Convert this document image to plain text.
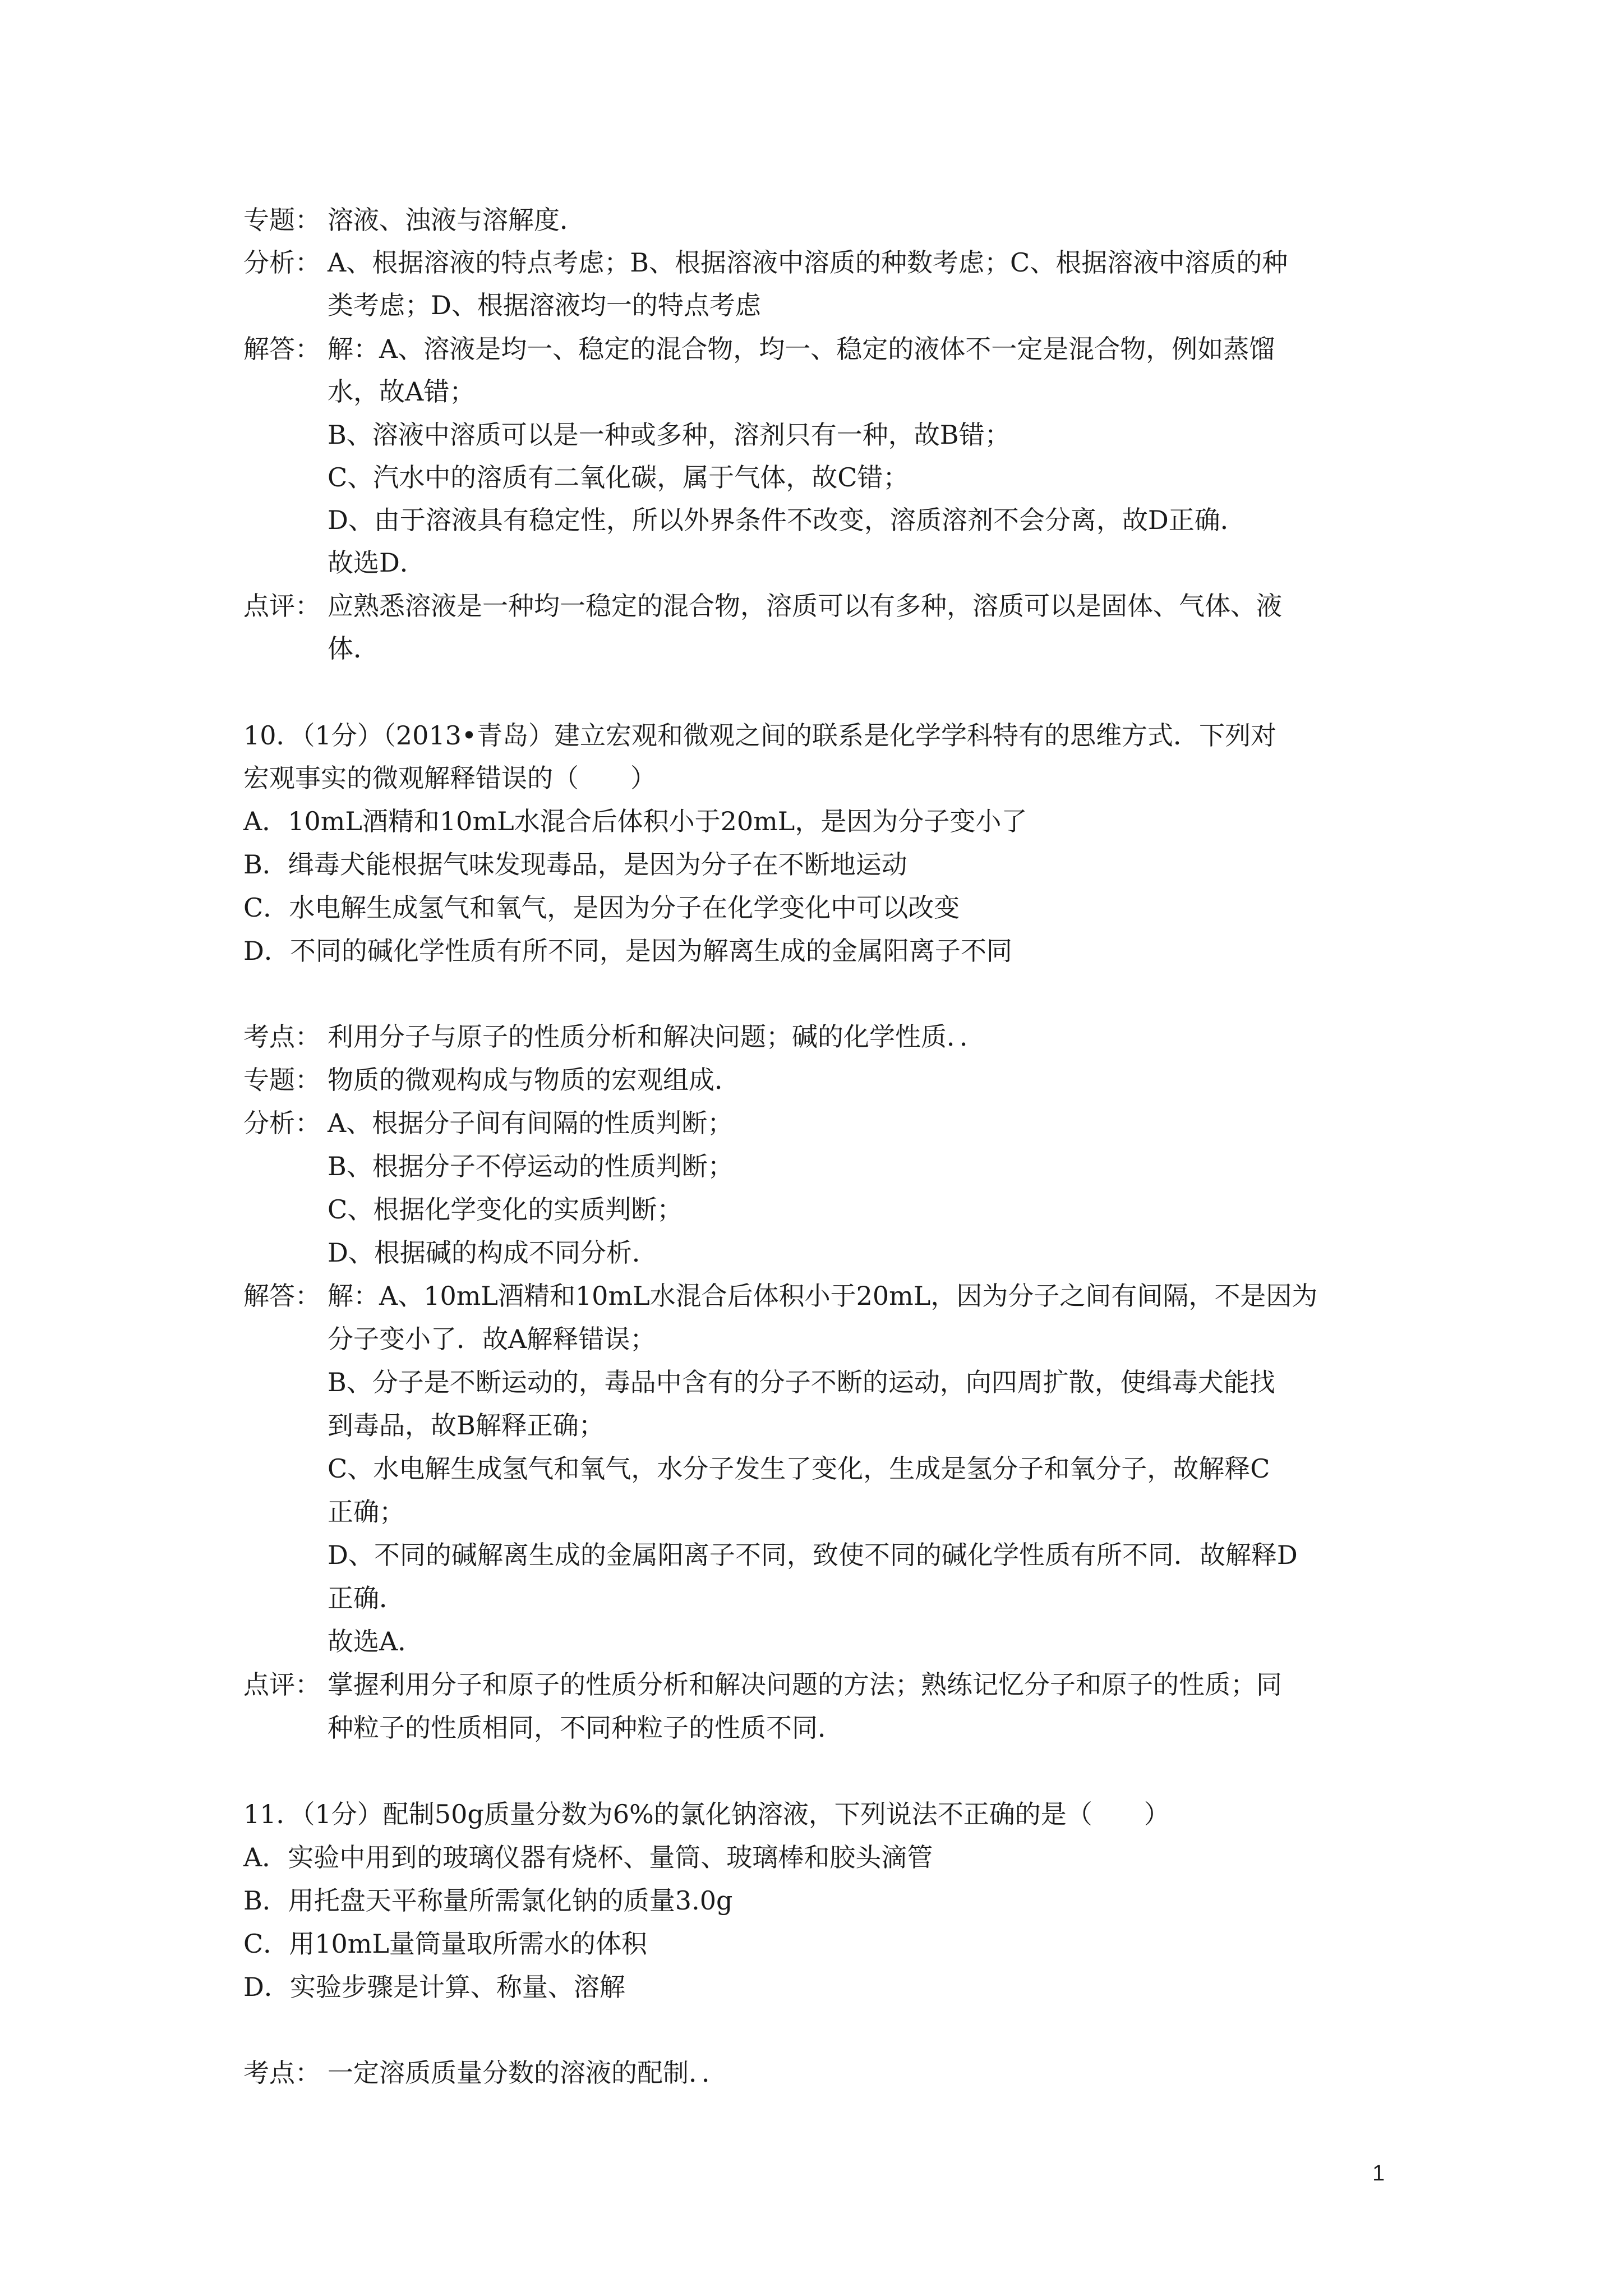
专题： 溶液、浊液与溶解度．
分析： A、根据溶液的特点考虑；B、根据溶液中溶质的种数考虑；C、根据溶液中溶质的种
类考虑；D、根据溶液均一的特点考虑
解答： 解：A、溶液是均一、稳定的混合物，均一、稳定的液体不一定是混合物，例如蒸馏
水，故A错；
B、溶液中溶质可以是一种或多种，溶剂只有一种，故B错；
C、汽水中的溶质有二氧化碳，属于气体，故C错；
D、由于溶液具有稳定性，所以外界条件不改变，溶质溶剂不会分离，故D正确．
故选D．
点评： 应熟悉溶液是一种均一稳定的混合物，溶质可以有多种，溶质可以是固体、气体、液
体．
10．（1分）（2013•青岛）建立宏观和微观之间的联系是化学学科特有的思维方式．下列对
宏观事实的微观解释错误的（　　）
A．10mL酒精和10mL水混合后体积小于20mL，是因为分子变小了
B．缉毒犬能根据气味发现毒品，是因为分子在不断地运动
C．水电解生成氢气和氧气，是因为分子在化学变化中可以改变
D．不同的碱化学性质有所不同，是因为解离生成的金属阳离子不同
考点： 利用分子与原子的性质分析和解决问题；碱的化学性质．．
专题： 物质的微观构成与物质的宏观组成．
分析： A、根据分子间有间隔的性质判断；
B、根据分子不停运动的性质判断；
C、根据化学变化的实质判断；
D、根据碱的构成不同分析．
解答： 解：A、10mL酒精和10mL水混合后体积小于20mL，因为分子之间有间隔，不是因为
分子变小了．故A解释错误；
B、分子是不断运动的，毒品中含有的分子不断的运动，向四周扩散，使缉毒犬能找
到毒品，故B解释正确；
C、水电解生成氢气和氧气，水分子发生了变化，生成是氢分子和氧分子，故解释C
正确；
D、不同的碱解离生成的金属阳离子不同，致使不同的碱化学性质有所不同．故解释D
正确．
故选A．
点评： 掌握利用分子和原子的性质分析和解决问题的方法；熟练记忆分子和原子的性质；同
种粒子的性质相同，不同种粒子的性质不同．
11．（1分）配制50g质量分数为6%的氯化钠溶液，下列说法不正确的是（　　）
A．实验中用到的玻璃仪器有烧杯、量筒、玻璃棒和胶头滴管
B．用托盘天平称量所需氯化钠的质量3.0g
C．用10mL量筒量取所需水的体积
D．实验步骤是计算、称量、溶解
考点： 一定溶质质量分数的溶液的配制．．
1
